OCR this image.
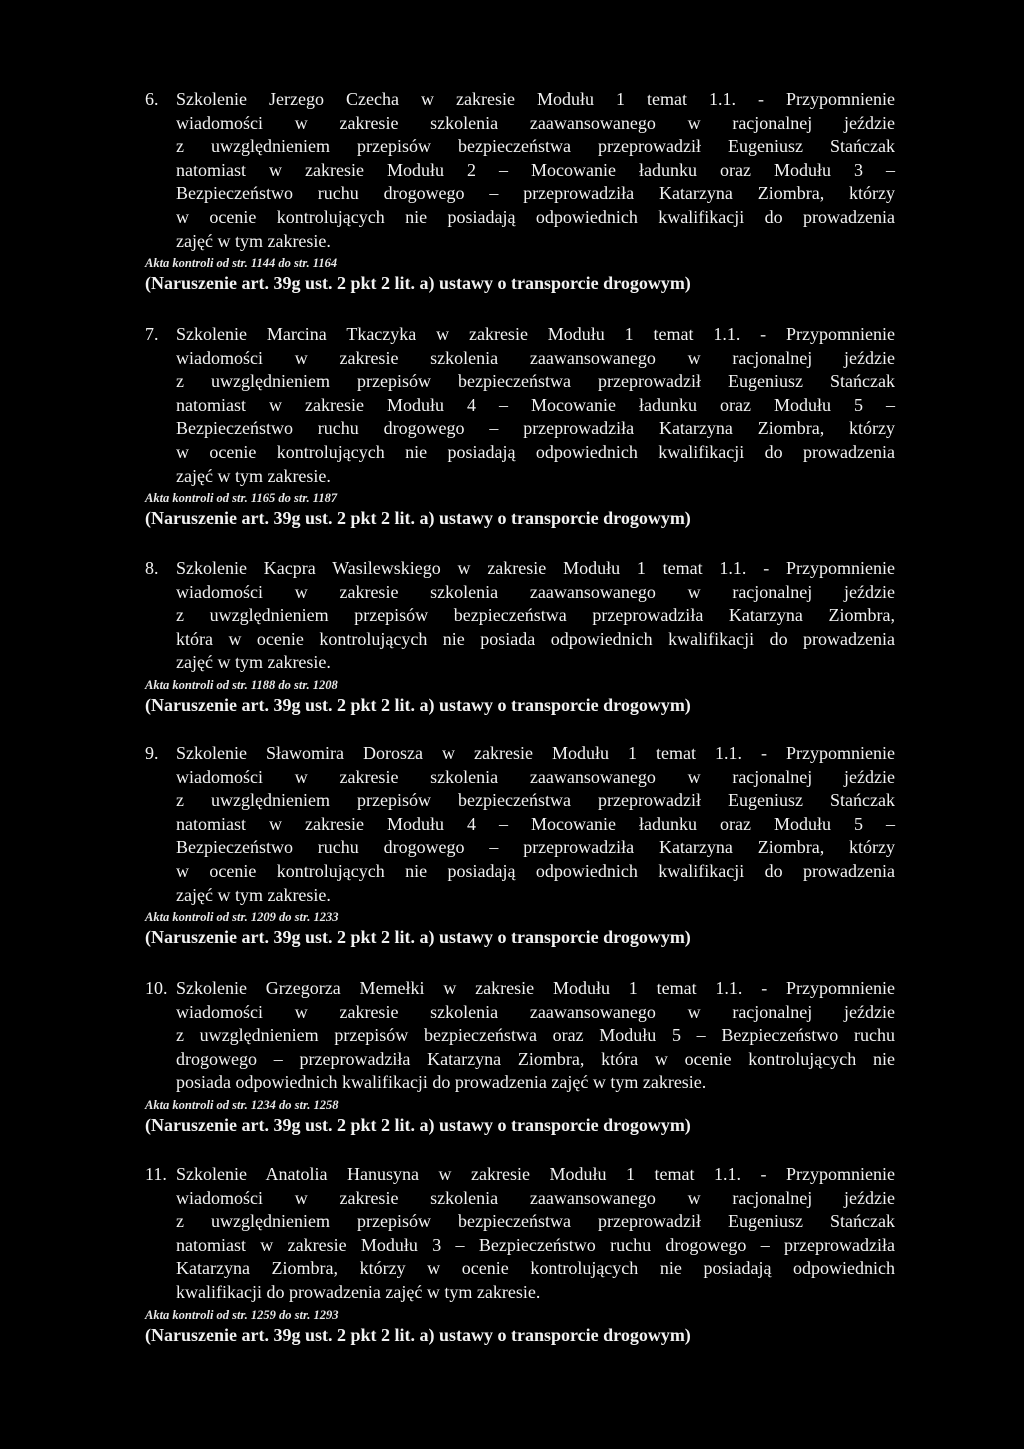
6. Szkolenie Jerzego Czecha w zakresie Modułu 1 temat 1.1. - Przypomnienie
wiadomości w zakresie szkolenia zaawansowanego w racjonalnej jeździe
z uwzględnieniem przepisów bezpieczeństwa przeprowadził Eugeniusz Stańczak
natomiast w zakresie Modułu 2 – Mocowanie ładunku oraz Modułu 3 –
Bezpieczeństwo ruchu drogowego – przeprowadziła Katarzyna Ziombra, którzy
w ocenie kontrolujących nie posiadają odpowiednich kwalifikacji do prowadzenia
zajęć w tym zakresie.
Akta kontroli od str. 1144 do str. 1164
(Naruszenie art. 39g ust. 2 pkt 2 lit. a) ustawy o transporcie drogowym)
7. Szkolenie Marcina Tkaczyka w zakresie Modułu 1 temat 1.1. - Przypomnienie
wiadomości w zakresie szkolenia zaawansowanego w racjonalnej jeździe
z uwzględnieniem przepisów bezpieczeństwa przeprowadził Eugeniusz Stańczak
natomiast w zakresie Modułu 4 – Mocowanie ładunku oraz Modułu 5 –
Bezpieczeństwo ruchu drogowego – przeprowadziła Katarzyna Ziombra, którzy
w ocenie kontrolujących nie posiadają odpowiednich kwalifikacji do prowadzenia
zajęć w tym zakresie.
Akta kontroli od str. 1165 do str. 1187
(Naruszenie art. 39g ust. 2 pkt 2 lit. a) ustawy o transporcie drogowym)
8. Szkolenie Kacpra Wasilewskiego w zakresie Modułu 1 temat 1.1. - Przypomnienie
wiadomości w zakresie szkolenia zaawansowanego w racjonalnej jeździe
z uwzględnieniem przepisów bezpieczeństwa przeprowadziła Katarzyna Ziombra,
która w ocenie kontrolujących nie posiada odpowiednich kwalifikacji do prowadzenia
zajęć w tym zakresie.
Akta kontroli od str. 1188 do str. 1208
(Naruszenie art. 39g ust. 2 pkt 2 lit. a) ustawy o transporcie drogowym)
9. Szkolenie Sławomira Dorosza w zakresie Modułu 1 temat 1.1. - Przypomnienie
wiadomości w zakresie szkolenia zaawansowanego w racjonalnej jeździe
z uwzględnieniem przepisów bezpieczeństwa przeprowadził Eugeniusz Stańczak
natomiast w zakresie Modułu 4 – Mocowanie ładunku oraz Modułu 5 –
Bezpieczeństwo ruchu drogowego – przeprowadziła Katarzyna Ziombra, którzy
w ocenie kontrolujących nie posiadają odpowiednich kwalifikacji do prowadzenia
zajęć w tym zakresie.
Akta kontroli od str. 1209 do str. 1233
(Naruszenie art. 39g ust. 2 pkt 2 lit. a) ustawy o transporcie drogowym)
10. Szkolenie Grzegorza Memełki w zakresie Modułu 1 temat 1.1. - Przypomnienie
wiadomości w zakresie szkolenia zaawansowanego w racjonalnej jeździe
z uwzględnieniem przepisów bezpieczeństwa oraz Modułu 5 – Bezpieczeństwo ruchu
drogowego – przeprowadziła Katarzyna Ziombra, która w ocenie kontrolujących nie
posiada odpowiednich kwalifikacji do prowadzenia zajęć w tym zakresie.
Akta kontroli od str. 1234 do str. 1258
(Naruszenie art. 39g ust. 2 pkt 2 lit. a) ustawy o transporcie drogowym)
11. Szkolenie Anatolia Hanusyna w zakresie Modułu 1 temat 1.1. - Przypomnienie
wiadomości w zakresie szkolenia zaawansowanego w racjonalnej jeździe
z uwzględnieniem przepisów bezpieczeństwa przeprowadził Eugeniusz Stańczak
natomiast w zakresie Modułu 3 – Bezpieczeństwo ruchu drogowego – przeprowadziła
Katarzyna Ziombra, którzy w ocenie kontrolujących nie posiadają odpowiednich
kwalifikacji do prowadzenia zajęć w tym zakresie.
Akta kontroli od str. 1259 do str. 1293
(Naruszenie art. 39g ust. 2 pkt 2 lit. a) ustawy o transporcie drogowym)
